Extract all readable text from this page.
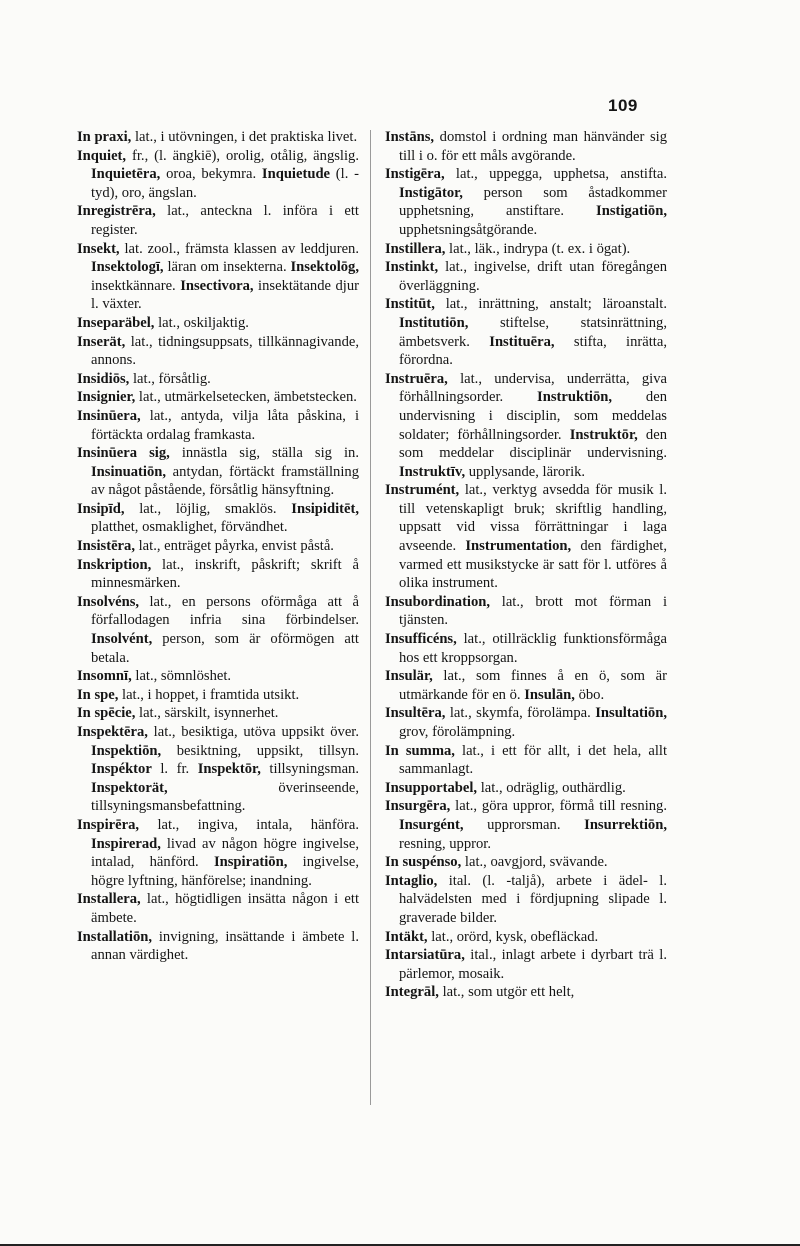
109

In praxi, lat., i utövningen, i det praktiska livet.

Inquiet, fr., (l. ängkiē), orolig, otålig, ängslig. Inquietēra, oroa, bekymra. Inquietude (l. -tyd), oro, ängslan.

Inregistrēra, lat., anteckna l. införa i ett register.

Insekt, lat. zool., främsta klassen av leddjuren. Insektologī, läran om insekterna. Insektolōg, insektkännare. Insectivora, insektätande djur l. växter.

Inseparäbel, lat., oskiljaktig.

Inserät, lat., tidningsuppsats, tillkännagivande, annons.

Insidiōs, lat., försåtlig.

Insignier, lat., utmärkelsetecken, ämbetstecken.

Insinūera, lat., antyda, vilja låta påskina, i förtäckta ordalag framkasta.

Insinūera sig, innästla sig, ställa sig in. Insinuatiōn, antydan, förtäckt framställning av något påstående, försåtlig hänsyftning.

Insipīd, lat., löjlig, smaklös. Insipiditēt, platthet, osmaklighet, förvändhet.

Insistēra, lat., enträget påyrka, envist påstå.

Inskription, lat., inskrift, påskrift; skrift å minnesmärken.

Insolvéns, lat., en persons oförmåga att å förfallodagen infria sina förbindelser. Insolvént, person, som är oförmögen att betala.

Insomnī, lat., sömnlöshet.

In spe, lat., i hoppet, i framtida utsikt.

In spēcie, lat., särskilt, isynnerhet.

Inspektēra, lat., besiktiga, utöva uppsikt över. Inspektiōn, besiktning, uppsikt, tillsyn. Inspéktor l. fr. Inspektōr, tillsyningsman. Inspektorät, överinseende, tillsyningsmansbefattning.

Inspirēra, lat., ingiva, intala, hänföra. Inspirerad, livad av någon högre ingivelse, intalad, hänförd. Inspiratiōn, ingivelse, högre lyftning, hänförelse; inandning.

Installera, lat., högtidligen insätta någon i ett ämbete.

Installatiōn, invigning, insättande i ämbete l. annan värdighet.

Instāns, domstol i ordning man hänvänder sig till i o. för ett måls avgörande.

Instigēra, lat., uppegga, upphetsa, anstifta. Instigātor, person som åstadkommer upphetsning, anstiftare. Instigatiōn, upphetsningsåtgörande.

Instillera, lat., läk., indrypa (t. ex. i ögat).

Instinkt, lat., ingivelse, drift utan föregången överläggning.

Institūt, lat., inrättning, anstalt; läroanstalt. Institutiōn, stiftelse, statsinrättning, ämbetsverk. Instituēra, stifta, inrätta, förordna.

Instruēra, lat., undervisa, underrätta, giva förhållningsorder. Instruktiōn, den undervisning i disciplin, som meddelas soldater; förhållningsorder. Instruktōr, den som meddelar disciplinär undervisning. Instruktīv, upplysande, lärorik.

Instrumént, lat., verktyg avsedda för musik l. till vetenskapligt bruk; skriftlig handling, uppsatt vid vissa förrättningar i laga avseende. Instrumentation, den färdighet, varmed ett musikstycke är satt för l. utföres å olika instrument.

Insubordination, lat., brott mot förman i tjänsten.

Insufficéns, lat., otillräcklig funktionsförmåga hos ett kroppsorgan.

Insulär, lat., som finnes å en ö, som är utmärkande för en ö. Insulān, öbo.

Insultēra, lat., skymfa, förolämpa. Insultatiōn, grov, förolämpning.

In summa, lat., i ett för allt, i det hela, allt sammanlagt.

Insupportabel, lat., odräglig, outhärdlig.

Insurgēra, lat., göra uppror, förmå till resning. Insurgént, upprorsman. Insurrektiōn, resning, uppror.

In suspénso, lat., oavgjord, svävande.

Intaglio, ital. (l. -taljå), arbete i ädel- l. halvädelsten med i fördjupning slipade l. graverade bilder.

Intäkt, lat., orörd, kysk, obefläckad.

Intarsiatūra, ital., inlagt arbete i dyrbart trä l. pärlemor, mosaik.

Integrāl, lat., som utgör ett helt,
